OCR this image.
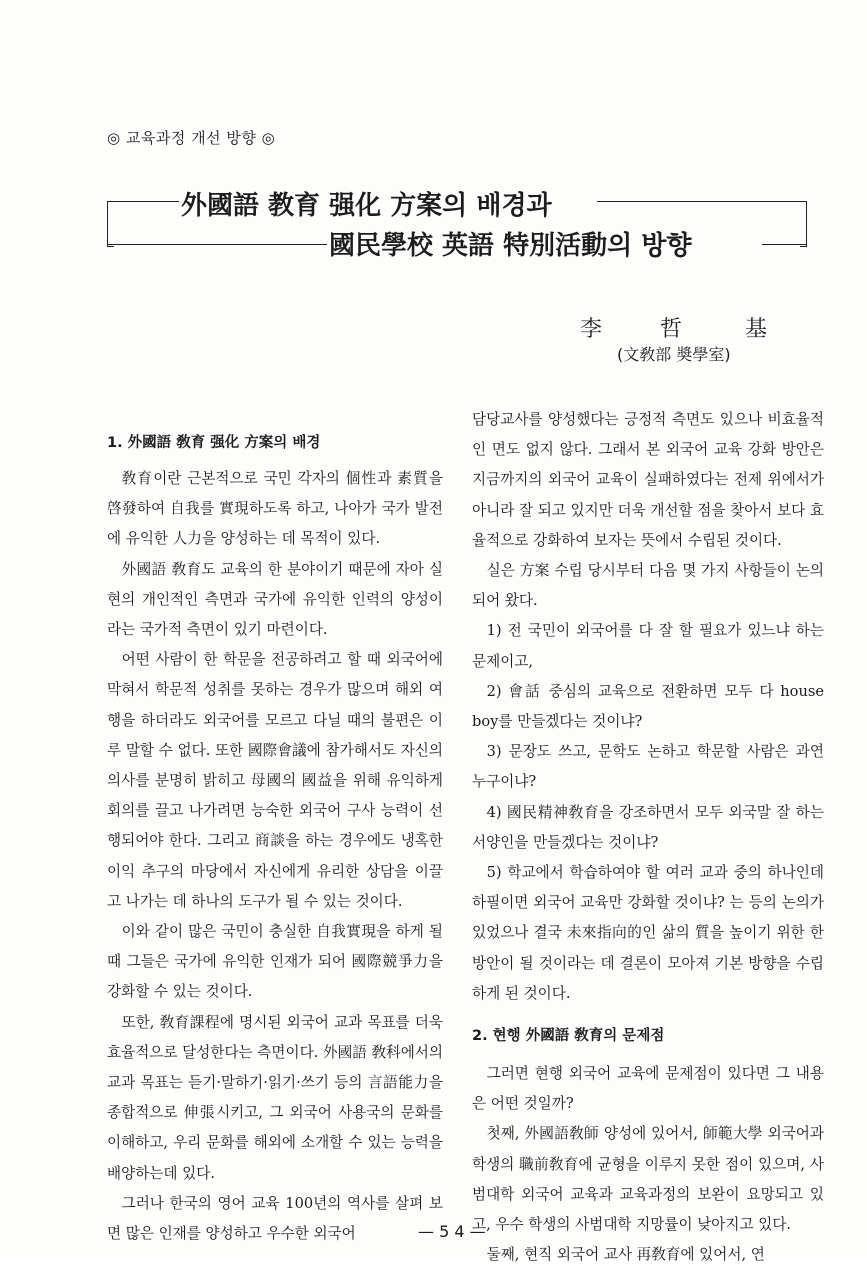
◎ 교육과정 개선 방향 ◎
外國語 教育 强化 方案의 배경과
國民學校 英語 特別活動의 방향
李	哲	基
(文敎部 奬學室)
1. 外國語 敎育 强化 方案의 배경

敎育이란 근본적으로 국민 각자의 個性과 素質을 啓發하여 自我를 實現하도록 하고, 나아가 국가 발전에 유익한 人力을 양성하는 데 목적이 있다.

外國語 敎育도 교육의 한 분야이기 때문에 자아 실현의 개인적인 측면과 국가에 유익한 인력의 양성이라는 국가적 측면이 있기 마련이다.

어떤 사람이 한 학문을 전공하려고 할 때 외국어에 막혀서 학문적 성취를 못하는 경우가 많으며 해외 여행을 하더라도 외국어를 모르고 다닐 때의 불편은 이루 말할 수 없다. 또한 國際會議에 참가해서도 자신의 의사를 분명히 밝히고 母國의 國益을 위해 유익하게 회의를 끌고 나가려면 능숙한 외국어 구사 능력이 선행되어야 한다. 그리고 商談을 하는 경우에도 냉혹한 이익 추구의 마당에서 자신에게 유리한 상담을 이끌고 나가는 데 하나의 도구가 될 수 있는 것이다.

이와 같이 많은 국민이 충실한 自我實現을 하게 될 때 그들은 국가에 유익한 인재가 되어 國際競爭力을 강화할 수 있는 것이다.

또한, 敎育課程에 명시된 외국어 교과 목표를 더욱 효율적으로 달성한다는 측면이다. 外國語 敎科에서의 교과 목표는 듣기·말하기·읽기·쓰기 등의 言語能力을 종합적으로 伸張시키고, 그 외국어 사용국의 문화를 이해하고, 우리 문화를 해외에 소개할 수 있는 능력을 배양하는데 있다.

그러나 한국의 영어 교육 100년의 역사를 살펴 보면 많은 인재를 양성하고 우수한 외국어

담당교사를 양성했다는 긍정적 측면도 있으나 비효율적인 면도 없지 않다. 그래서 본 외국어 교육 강화 방안은 지금까지의 외국어 교육이 실패하였다는 전제 위에서가 아니라 잘 되고 있지만 더욱 개선할 점을 찾아서 보다 효율적으로 강화하여 보자는 뜻에서 수립된 것이다.

실은 方案 수립 당시부터 다음 몇 가지 사항들이 논의되어 왔다.

1) 전 국민이 외국어를 다 잘 할 필요가 있느냐 하는 문제이고,

2) 會話 중심의 교육으로 전환하면 모두 다 house boy를 만들겠다는 것이냐?

3) 문장도 쓰고, 문학도 논하고 학문할 사람은 과연 누구이냐?

4) 國民精神敎育을 강조하면서 모두 외국말 잘 하는 서양인을 만들겠다는 것이냐?

5) 학교에서 학습하여야 할 여러 교과 중의 하나인데 하필이면 외국어 교육만 강화할 것이냐? 는 등의 논의가 있었으나 결국 未來指向的인 삶의 質을 높이기 위한 한 방안이 될 것이라는 데 결론이 모아져 기본 방향을 수립하게 된 것이다.

2. 현행 外國語 敎育의 문제점

그러면 현행 외국어 교육에 문제점이 있다면 그 내용은 어떤 것일까?

첫째, 外國語敎師 양성에 있어서, 師範大學 외국어과 학생의 職前敎育에 균형을 이루지 못한 점이 있으며, 사범대학 외국어 교육과 교육과정의 보완이 요망되고 있고, 우수 학생의 사범대학 지망률이 낮아지고 있다.

둘째, 현직 외국어 교사 再敎育에 있어서, 연

— 5 4 —
